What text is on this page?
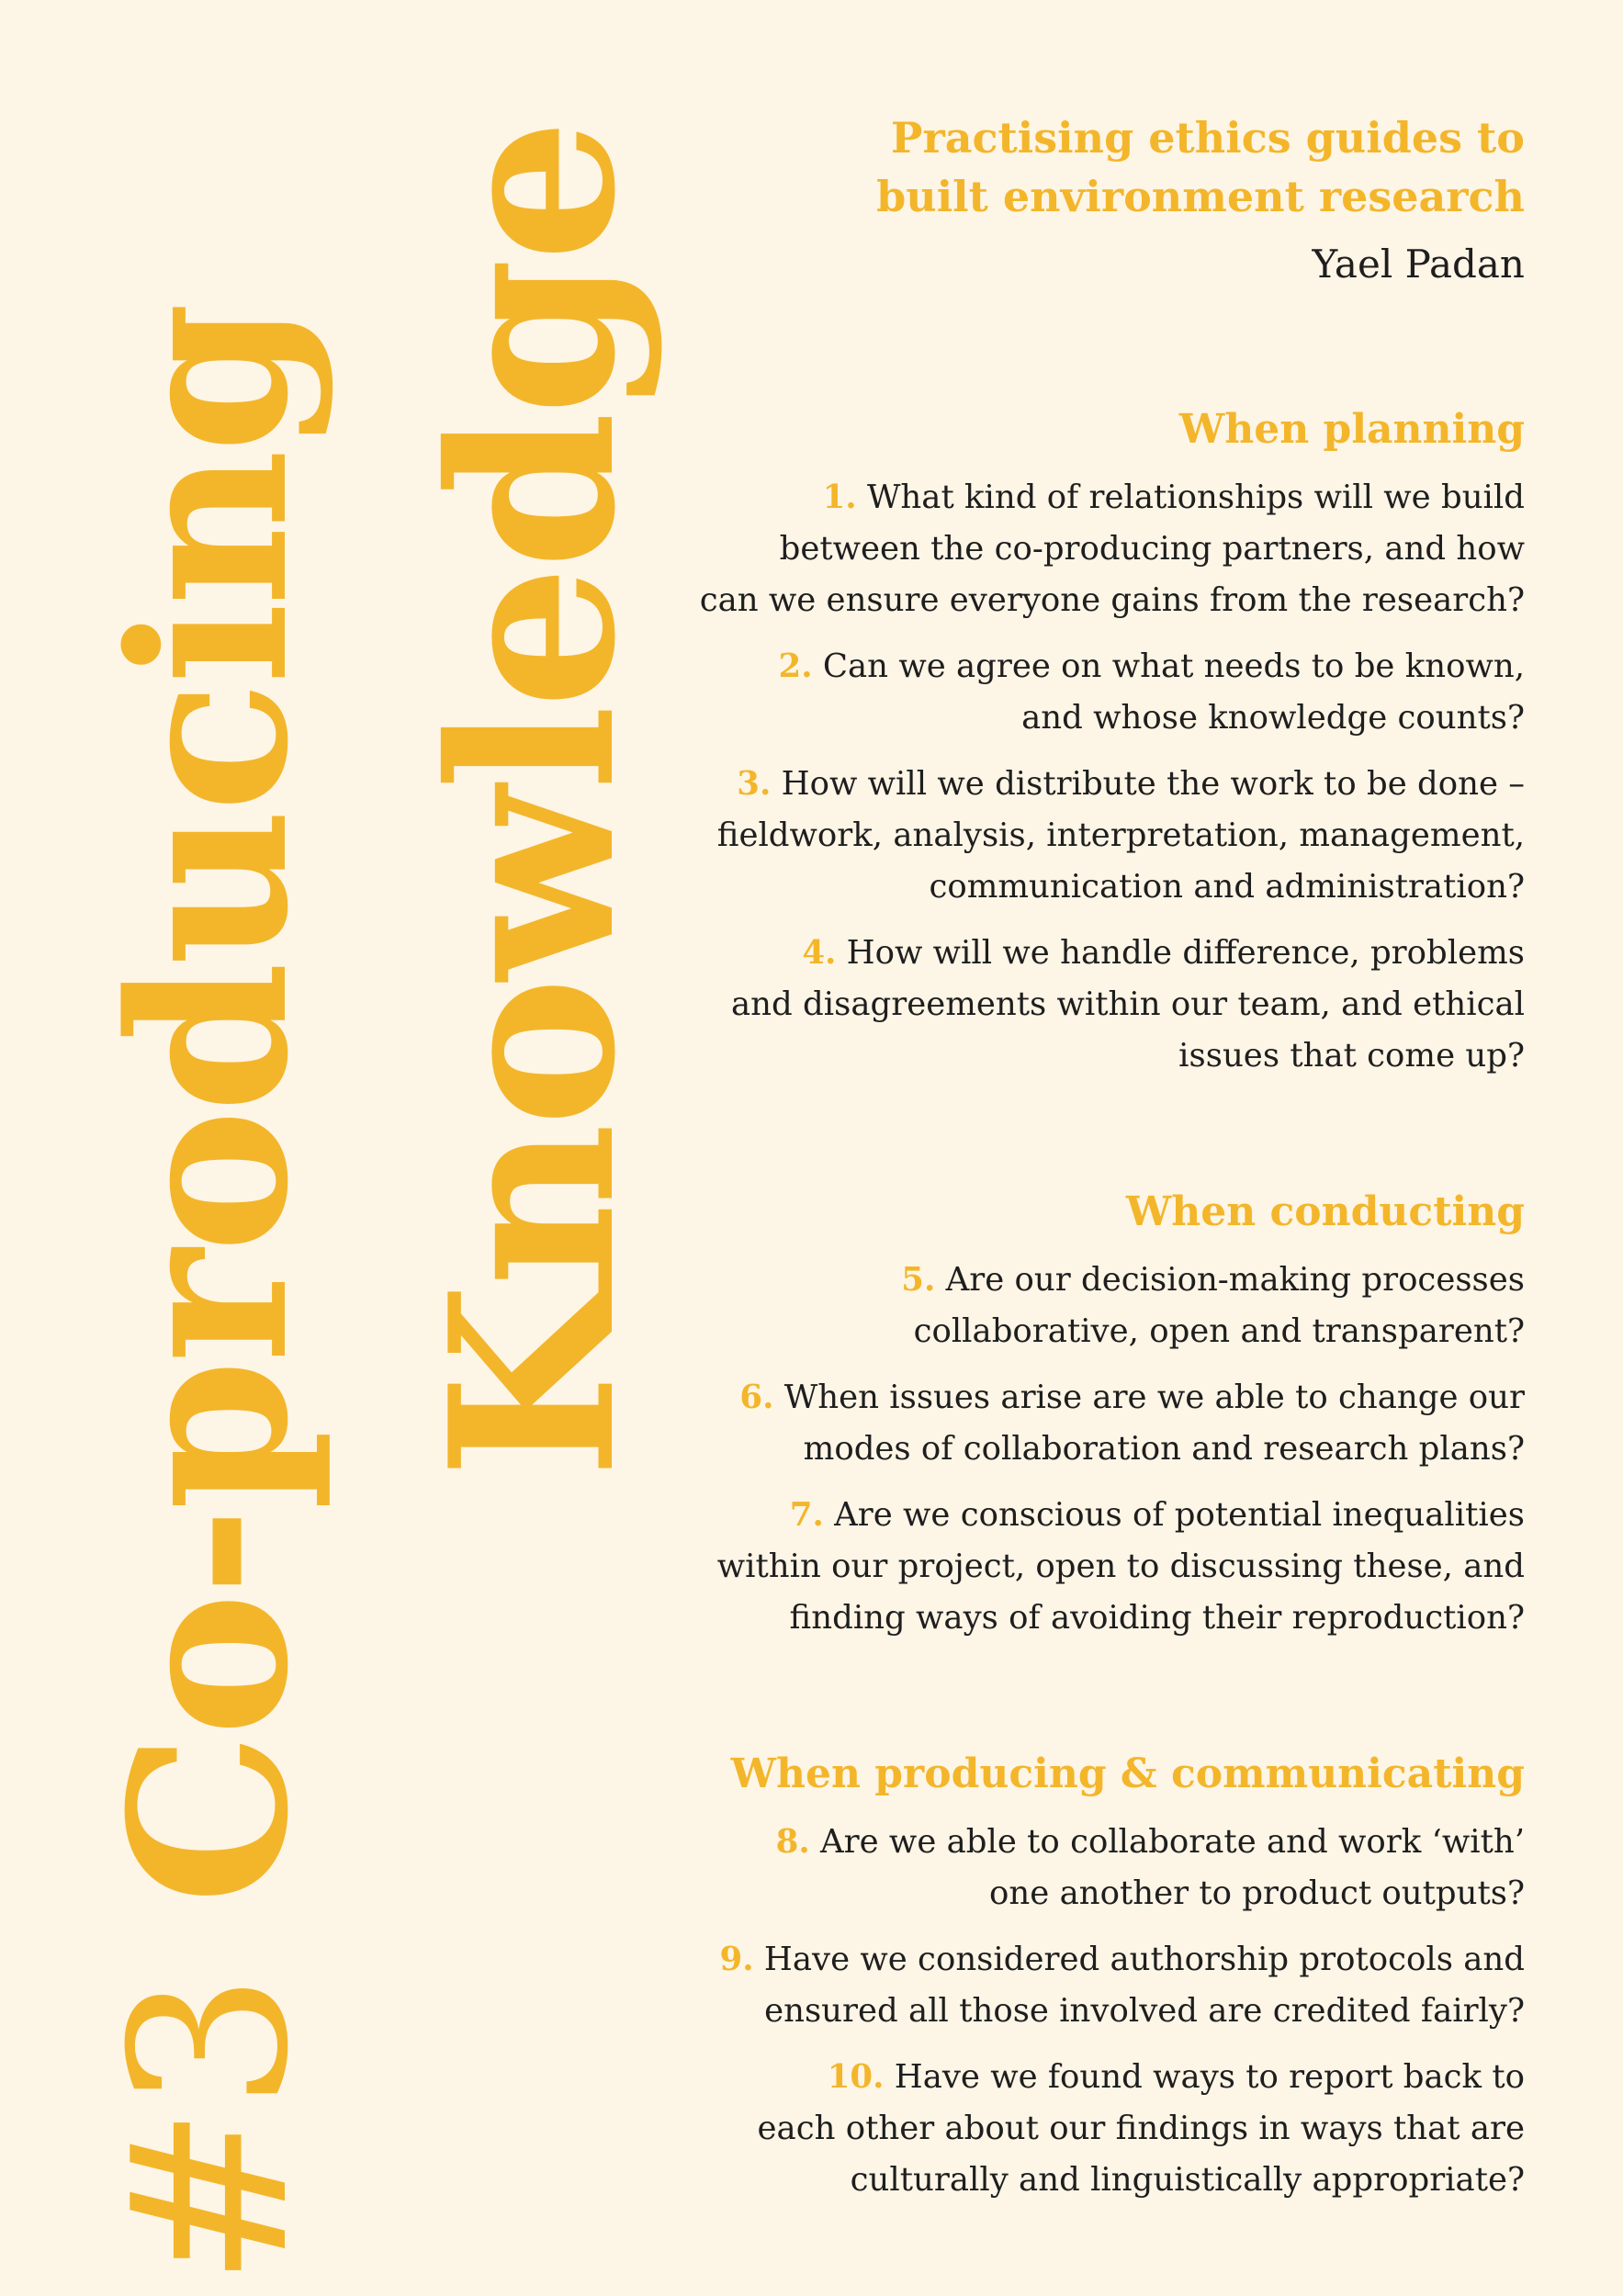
#3 Co-producing Knowledge	Practising ethics guides to
built environment research
Yael Padan
When planning
1. What kind of relationships will we build
between the co-producing partners, and how
can we ensure everyone gains from the research?
2. Can we agree on what needs to be known,
and whose knowledge counts?
3. How will we distribute the work to be done –
fieldwork, analysis, interpretation, management,
communication and administration?
4. How will we handle difference, problems
and disagreements within our team, and ethical
issues that come up?
When conducting
5. Are our decision-making processes
collaborative, open and transparent?
6. When issues arise are we able to change our
modes of collaboration and research plans?
7. Are we conscious of potential inequalities
within our project, open to discussing these, and
finding ways of avoiding their reproduction?
When producing & communicating
8. Are we able to collaborate and work ‘with’
one another to product outputs?
9. Have we considered authorship protocols and
ensured all those involved are credited fairly?
10. Have we found ways to report back to
each other about our findings in ways that are
culturally and linguistically appropriate?
